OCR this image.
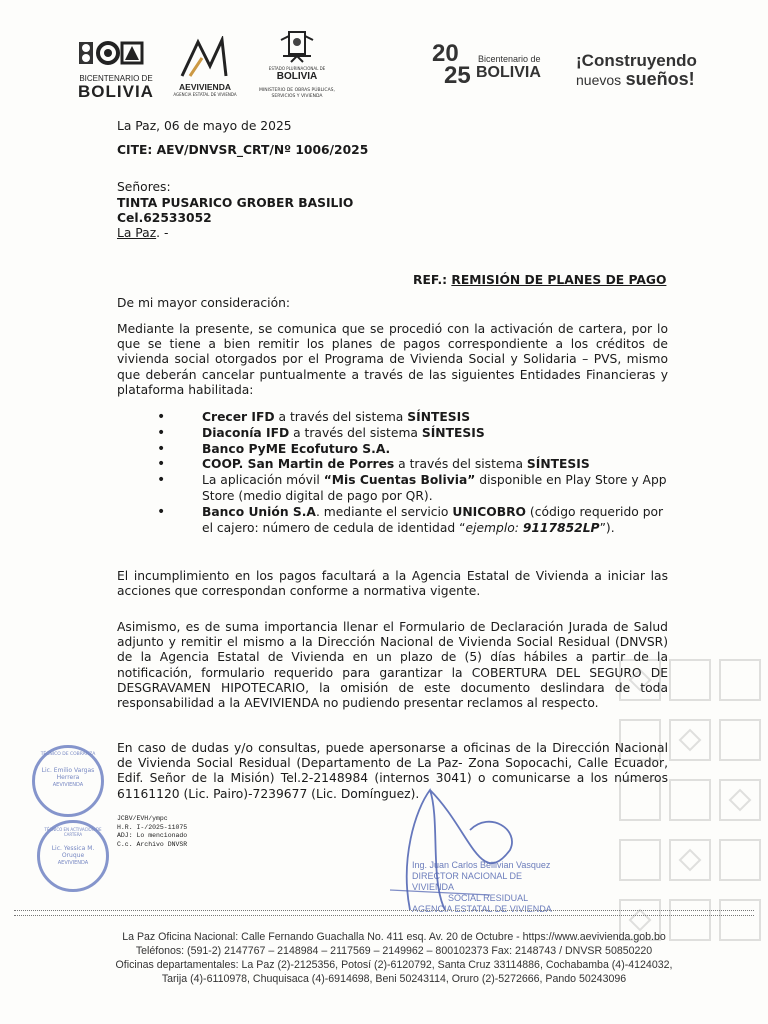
BICENTENARIO DE
BOLIVIA	AEVIVIENDA
AGENCIA ESTATAL DE VIVIENDA
ESTADO PLURINACIONAL DE
BOLIVIA
MINISTERIO DE OBRAS PÚBLICAS, SERVICIOS Y VIVIENDA
20
25
Bicentenario de
BOLIVIA
¡Construyendo
nuevos sueños!
La Paz, 06 de mayo de 2025
CITE: AEV/DNVSR_CRT/Nº 1006/2025
Señores:
TINTA PUSARICO GROBER BASILIO
Cel.62533052
La Paz. -
REF.: REMISIÓN DE PLANES DE PAGO
De mi mayor consideración:
Mediante la presente, se comunica que se procedió con la activación de cartera, por lo que se tiene a bien remitir los planes de pagos correspondiente a los créditos de vivienda social otorgados por el Programa de Vivienda Social y Solidaria – PVS, mismo que deberán cancelar puntualmente a través de las siguientes Entidades Financieras y plataforma habilitada:
• Crecer IFD a través del sistema SÍNTESIS
• Diaconía IFD a través del sistema SÍNTESIS
• Banco PyME Ecofuturo S.A.
• COOP. San Martin de Porres a través del sistema SÍNTESIS
• La aplicación móvil “Mis Cuentas Bolivia” disponible en Play Store y App Store (medio digital de pago por QR).
• Banco Unión S.A. mediante el servicio UNICOBRO (código requerido por el cajero: número de cedula de identidad “ejemplo: 9117852LP”).
El incumplimiento en los pagos facultará a la Agencia Estatal de Vivienda a iniciar las acciones que correspondan conforme a normativa vigente.
Asimismo, es de suma importancia llenar el Formulario de Declaración Jurada de Salud adjunto y remitir el mismo a la Dirección Nacional de Vivienda Social Residual (DNVSR) de la Agencia Estatal de Vivienda en un plazo de (5) días hábiles a partir de la notificación, formulario requerido para garantizar la COBERTURA DEL SEGURO DE DESGRAVAMEN HIPOTECARIO, la omisión de este documento deslindara de toda responsabilidad a la AEVIVIENDA no pudiendo presentar reclamos al respecto.
En caso de dudas y/o consultas, puede apersonarse a oficinas de la Dirección Nacional de Vivienda Social Residual (Departamento de La Paz- Zona Sopocachi, Calle Ecuador, Edif. Señor de la Misión) Tel.2-2148984 (internos 3041) o comunicarse a los números 61161120 (Lic. Pairo)-7239677 (Lic. Domínguez).
JCBV/EVH/ympc
H.R. I-/2025-11075
ADJ: Lo mencionado
C.c. Archivo DNVSR
TÉCNICO DE COBRANZA
Lic. Emilio Vargas Herrera
AEVIVIENDA
TÉCNICO EN ACTIVACIÓN DE CARTERA
Lic. Yessica M. Oruque
AEVIVIENDA	Ing. Juan Carlos Bellivian Vasquez
DIRECTOR NACIONAL DE VIVIENDA
SOCIAL RESIDUAL
AGENCIA ESTATAL DE VIVIENDA
La Paz Oficina Nacional: Calle Fernando Guachalla No. 411 esq. Av. 20 de Octubre - https://www.aevivienda.gob.bo
Teléfonos: (591-2) 2147767 – 2148984 – 2117569 – 2149962 – 800102373 Fax: 2148743 / DNVSR 50850220
Oficinas departamentales: La Paz (2)-2125356, Potosí (2)-6120792, Santa Cruz 33114886, Cochabamba (4)-4124032,
Tarija (4)-6110978, Chuquisaca (4)-6914698, Beni 50243114, Oruro (2)-5272666, Pando 50243096
